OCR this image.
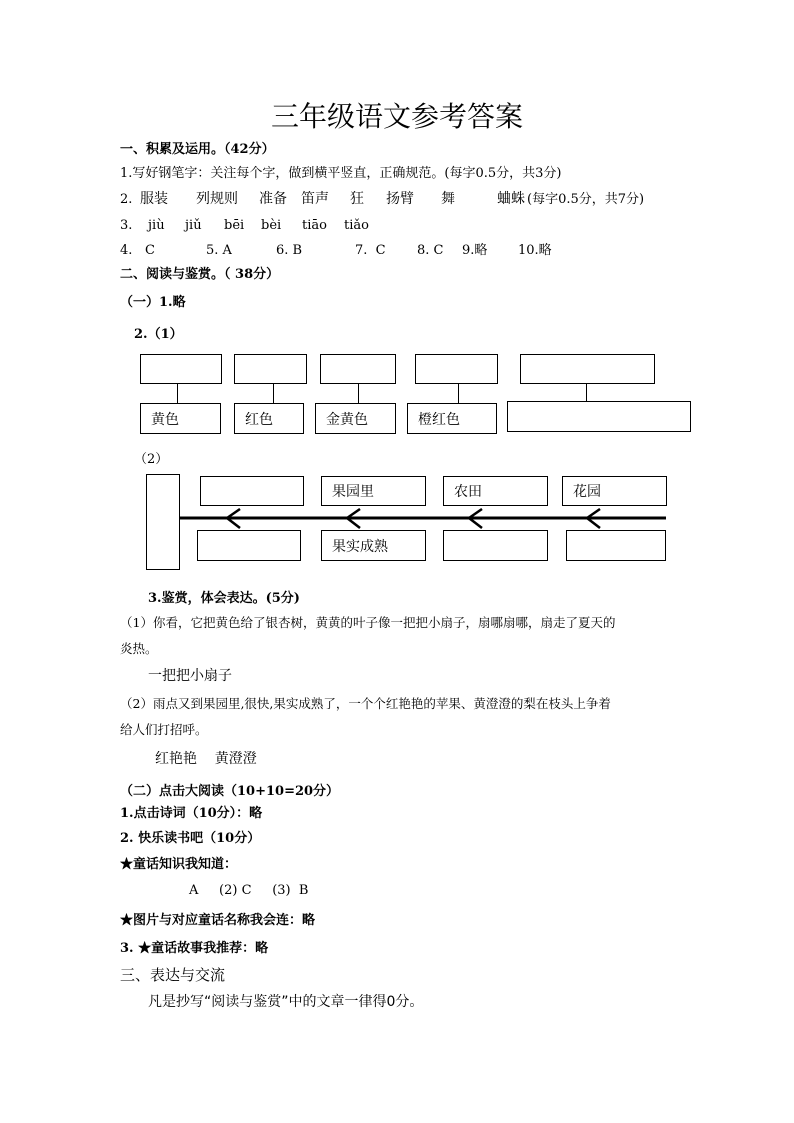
三年级语文参考答案
一、积累及运用。（42分）
1.写好钢笔字：关注每个字，做到横平竖直，正确规范。(每字0.5分，共3分)
2. 服装 列规则 准备 笛声 狂 扬臂 舞	蛐蛛 (每字0.5分，共7分)
3. jiù jiǔ bēi bèi tiāo tiǎo
4. C	5. A	6. B	7.  C 8. C 9.略 10.略
二、阅读与鉴赏。（ 38分）
（一）1.略
2.（1）
黄色	红色	金黄色	橙红色
（2）
果园里	农田	花园
果实成熟
3.鉴赏，体会表达。(5分)
（1）你看，它把黄色给了银杏树，黄黄的叶子像一把把小扇子，扇哪扇哪，扇走了夏天的
炎热。
一把把小扇子
（2）雨点又到果园里,很快,果实成熟了，一个个红艳艳的苹果、黄澄澄的梨在枝头上争着
给人们打招呼。
红艳艳    黄澄澄
（二）点击大阅读（10+10=20分）
1.点击诗词（10分）：略
2. 快乐读书吧（10分）
★童话知识我知道：
A     (2) C     (3)  B
★图片与对应童话名称我会连：略
3. ★童话故事我推荐：略
三、表达与交流
凡是抄写“阅读与鉴赏”中的文章一律得0分。
